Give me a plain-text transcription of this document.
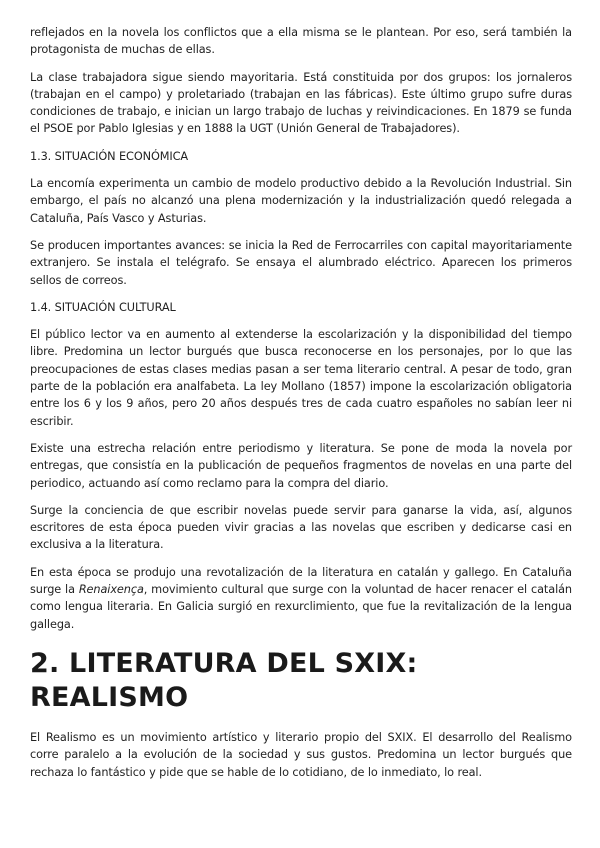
reflejados en la novela los conflictos que a ella misma se le plantean. Por eso, será también la protagonista de muchas de ellas.

La clase trabajadora sigue siendo mayoritaria. Está constituida por dos grupos: los jornaleros (trabajan en el campo) y proletariado (trabajan en las fábricas). Este último grupo sufre duras condiciones de trabajo, e inician un largo trabajo de luchas y reivindicaciones. En 1879 se funda el PSOE por Pablo Iglesias y en 1888 la UGT (Unión General de Trabajadores).

1.3. SITUACIÓN ECONÓMICA

La encomía experimenta un cambio de modelo productivo debido a la Revolución Industrial. Sin embargo, el país no alcanzó una plena modernización y la industrialización quedó relegada a Cataluña, País Vasco y Asturias.

Se producen importantes avances: se inicia la Red de Ferrocarriles con capital mayoritariamente extranjero. Se instala el telégrafo. Se ensaya el alumbrado eléctrico. Aparecen los primeros sellos de correos.

1.4. SITUACIÓN CULTURAL

El público lector va en aumento al extenderse la escolarización y la disponibilidad del tiempo libre. Predomina un lector burgués que busca reconocerse en los personajes, por lo que las preocupaciones de estas clases medias pasan a ser tema literario central. A pesar de todo, gran parte de la población era analfabeta. La ley Mollano (1857) impone la escolarización obligatoria entre los 6 y los 9 años, pero 20 años después tres de cada cuatro españoles no sabían leer ni escribir.

Existe una estrecha relación entre periodismo y literatura. Se pone de moda la novela por entregas, que consistía en la publicación de pequeños fragmentos de novelas en una parte del periodico, actuando así como reclamo para la compra del diario.

Surge la conciencia de que escribir novelas puede servir para ganarse la vida, así, algunos escritores de esta época pueden vivir gracias a las novelas que escriben y dedicarse casi en exclusiva a la literatura.

En esta época se produjo una revotalización de la literatura en catalán y gallego. En Cataluña surge la Renaixença, movimiento cultural que surge con la voluntad de hacer renacer el catalán como lengua literaria. En Galicia surgió en rexurclimiento, que fue la revitalización de la lengua gallega.

2. LITERATURA DEL SXIX: REALISMO

El Realismo es un movimiento artístico y literario propio del SXIX. El desarrollo del Realismo corre paralelo a la evolución de la sociedad y sus gustos. Predomina un lector burgués que rechaza lo fantástico y pide que se hable de lo cotidiano, de lo inmediato, lo real.
